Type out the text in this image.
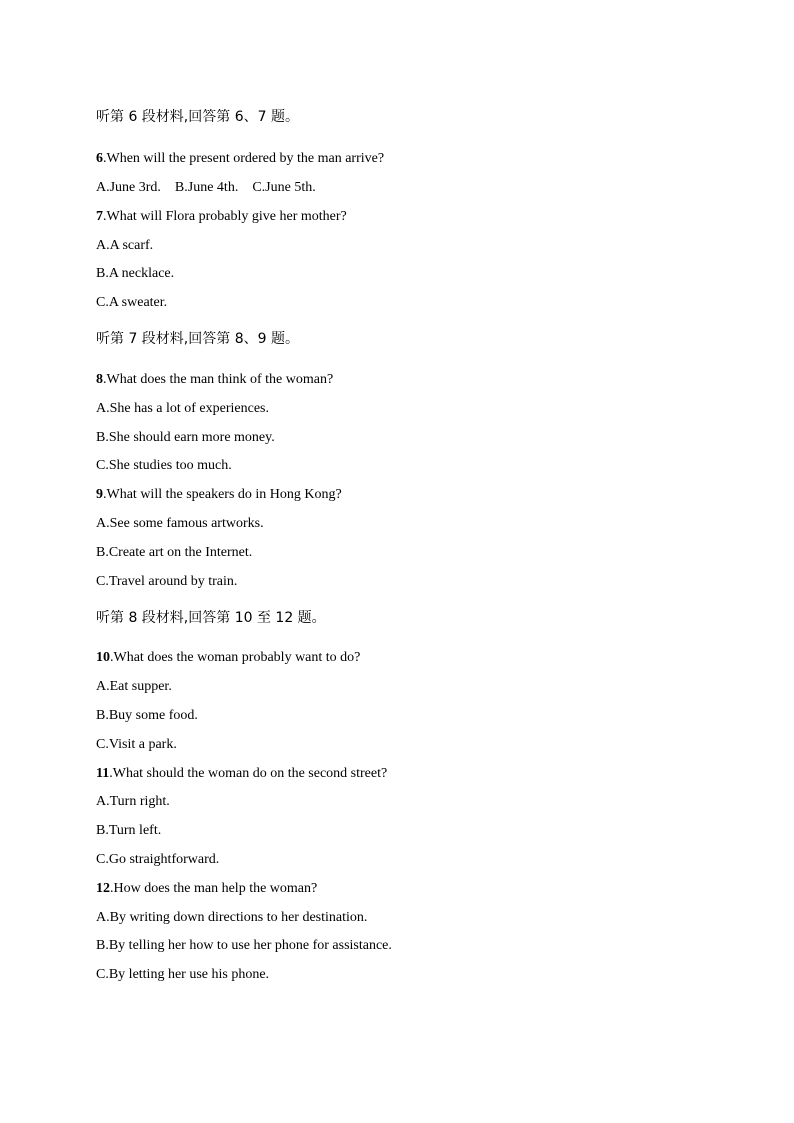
听第 6 段材料,回答第 6、7 题。
6.When will the present ordered by the man arrive?
A.June 3rd.    B.June 4th.    C.June 5th.
7.What will Flora probably give her mother?
A.A scarf.
B.A necklace.
C.A sweater.
听第 7 段材料,回答第 8、9 题。
8.What does the man think of the woman?
A.She has a lot of experiences.
B.She should earn more money.
C.She studies too much.
9.What will the speakers do in Hong Kong?
A.See some famous artworks.
B.Create art on the Internet.
C.Travel around by train.
听第 8 段材料,回答第 10 至 12 题。
10.What does the woman probably want to do?
A.Eat supper.
B.Buy some food.
C.Visit a park.
11.What should the woman do on the second street?
A.Turn right.
B.Turn left.
C.Go straightforward.
12.How does the man help the woman?
A.By writing down directions to her destination.
B.By telling her how to use her phone for assistance.
C.By letting her use his phone.
